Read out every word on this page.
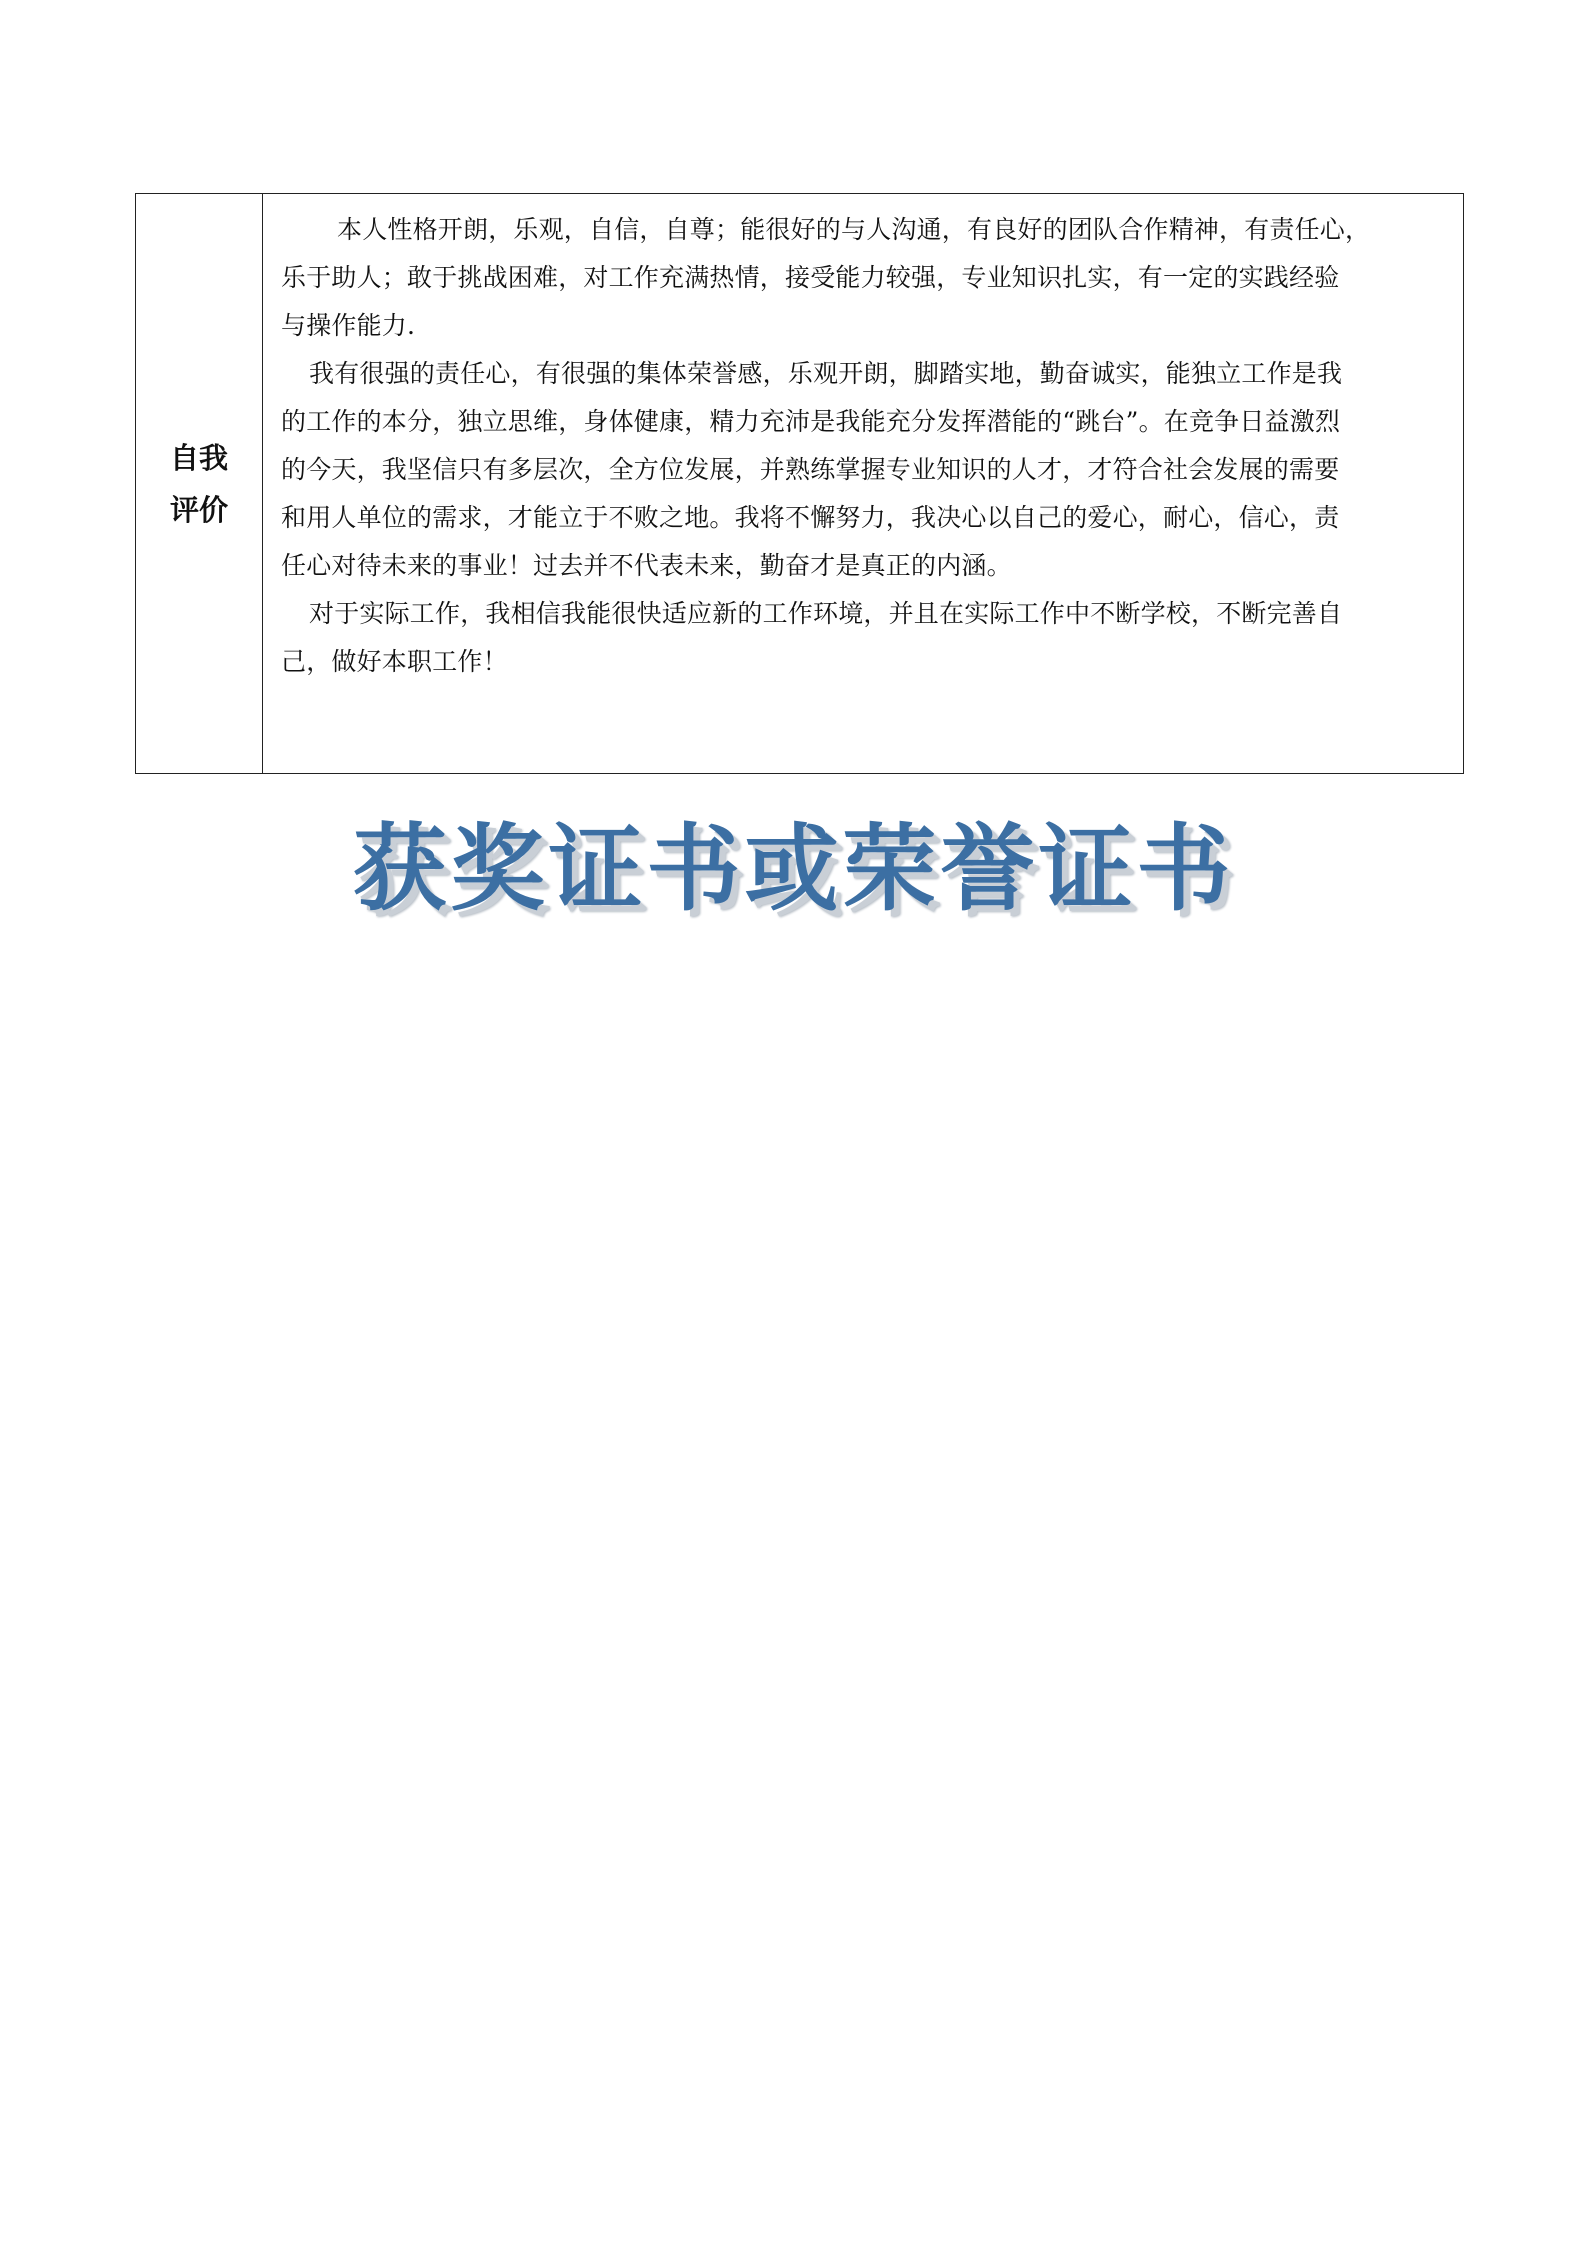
自我
评价

本人性格开朗，乐观，自信，自尊；能很好的与人沟通，有良好的团队合作精神，有责任心，

乐于助人；敢于挑战困难，对工作充满热情，接受能力较强，专业知识扎实，有一定的实践经验

与操作能力.

我有很强的责任心，有很强的集体荣誉感，乐观开朗，脚踏实地，勤奋诚实，能独立工作是我

的工作的本分，独立思维，身体健康，精力充沛是我能充分发挥潜能的“跳台”。在竞争日益激烈

的今天，我坚信只有多层次，全方位发展，并熟练掌握专业知识的人才，才符合社会发展的需要

和用人单位的需求，才能立于不败之地。我将不懈努力，我决心以自己的爱心，耐心，信心，责

任心对待未来的事业！过去并不代表未来，勤奋才是真正的内涵。

对于实际工作，我相信我能很快适应新的工作环境，并且在实际工作中不断学校，不断完善自

己，做好本职工作！

获奖证书或荣誉证书
